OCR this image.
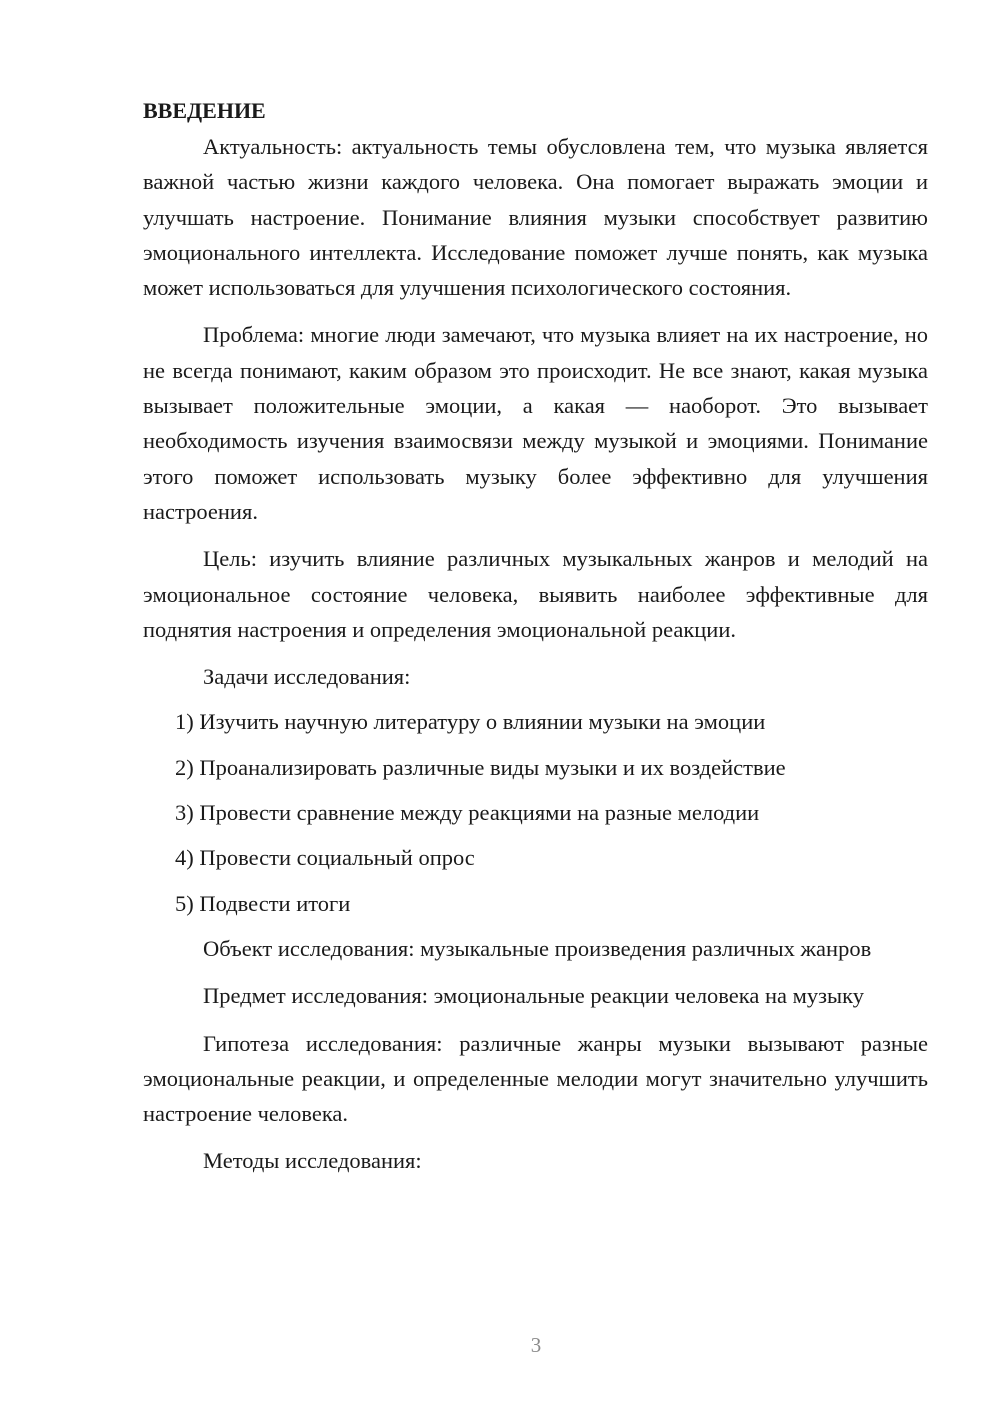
ВВЕДЕНИЕ

Актуальность: актуальность темы обусловлена тем, что музыка является важной частью жизни каждого человека. Она помогает выражать эмоции и улучшать настроение. Понимание влияния музыки способствует развитию эмоционального интеллекта. Исследование поможет лучше понять, как музыка может использоваться для улучшения психологического состояния.

Проблема: многие люди замечают, что музыка влияет на их настроение, но не всегда понимают, каким образом это происходит. Не все знают, какая музыка вызывает положительные эмоции, а какая — наоборот. Это вызывает необходимость изучения взаимосвязи между музыкой и эмоциями. Понимание этого поможет использовать музыку более эффективно для улучшения настроения.

Цель: изучить влияние различных музыкальных жанров и мелодий на эмоциональное состояние человека, выявить наиболее эффективные для поднятия настроения и определения эмоциональной реакции.

Задачи исследования:

1) Изучить научную литературу о влиянии музыки на эмоции

2) Проанализировать различные виды музыки и их воздействие

3) Провести сравнение между реакциями на разные мелодии

4) Провести социальный опрос

5) Подвести итоги

Объект исследования: музыкальные произведения различных жанров

Предмет исследования: эмоциональные реакции человека на музыку

Гипотеза исследования: различные жанры музыки вызывают разные эмоциональные реакции, и определенные мелодии могут значительно улучшить настроение человека.

Методы исследования:

3
